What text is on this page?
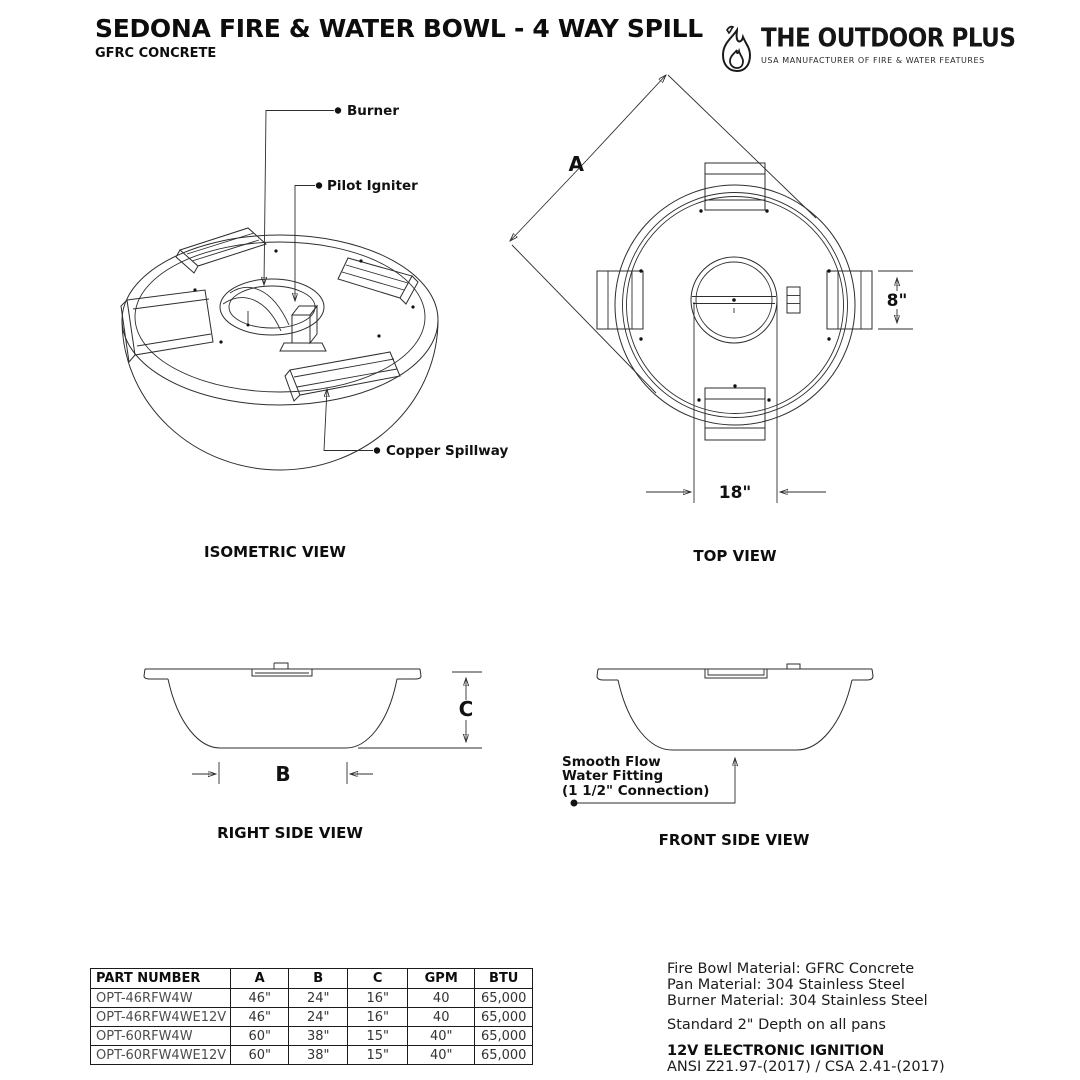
SEDONA FIRE & WATER BOWL - 4 WAY SPILL
GFRC CONCRETE
THE OUTDOOR PLUS
USA MANUFACTURER OF FIRE & WATER FEATURES
Burner
Pilot Igniter
Copper Spillway
A
8"
18"
C
B	Smooth Flow
Water Fitting
(1 1/2" Connection)
ISOMETRIC VIEW	TOP VIEW
RIGHT SIDE VIEW	FRONT SIDE VIEW
PART NUMBER	A	B	C	GPM	BTU
OPT-46RFW4W	46"	24"	16"	40	65,000
OPT-46RFW4WE12V	46"	24"	16"	40	65,000
OPT-60RFW4W	60"	38"	15"	40"	65,000
OPT-60RFW4WE12V	60"	38"	15"	40"	65,000
Fire Bowl Material: GFRC Concrete
Pan Material: 304 Stainless Steel
Burner Material: 304 Stainless Steel
Standard 2" Depth on all pans
12V ELECTRONIC IGNITION
ANSI Z21.97-(2017) / CSA 2.41-(2017)
